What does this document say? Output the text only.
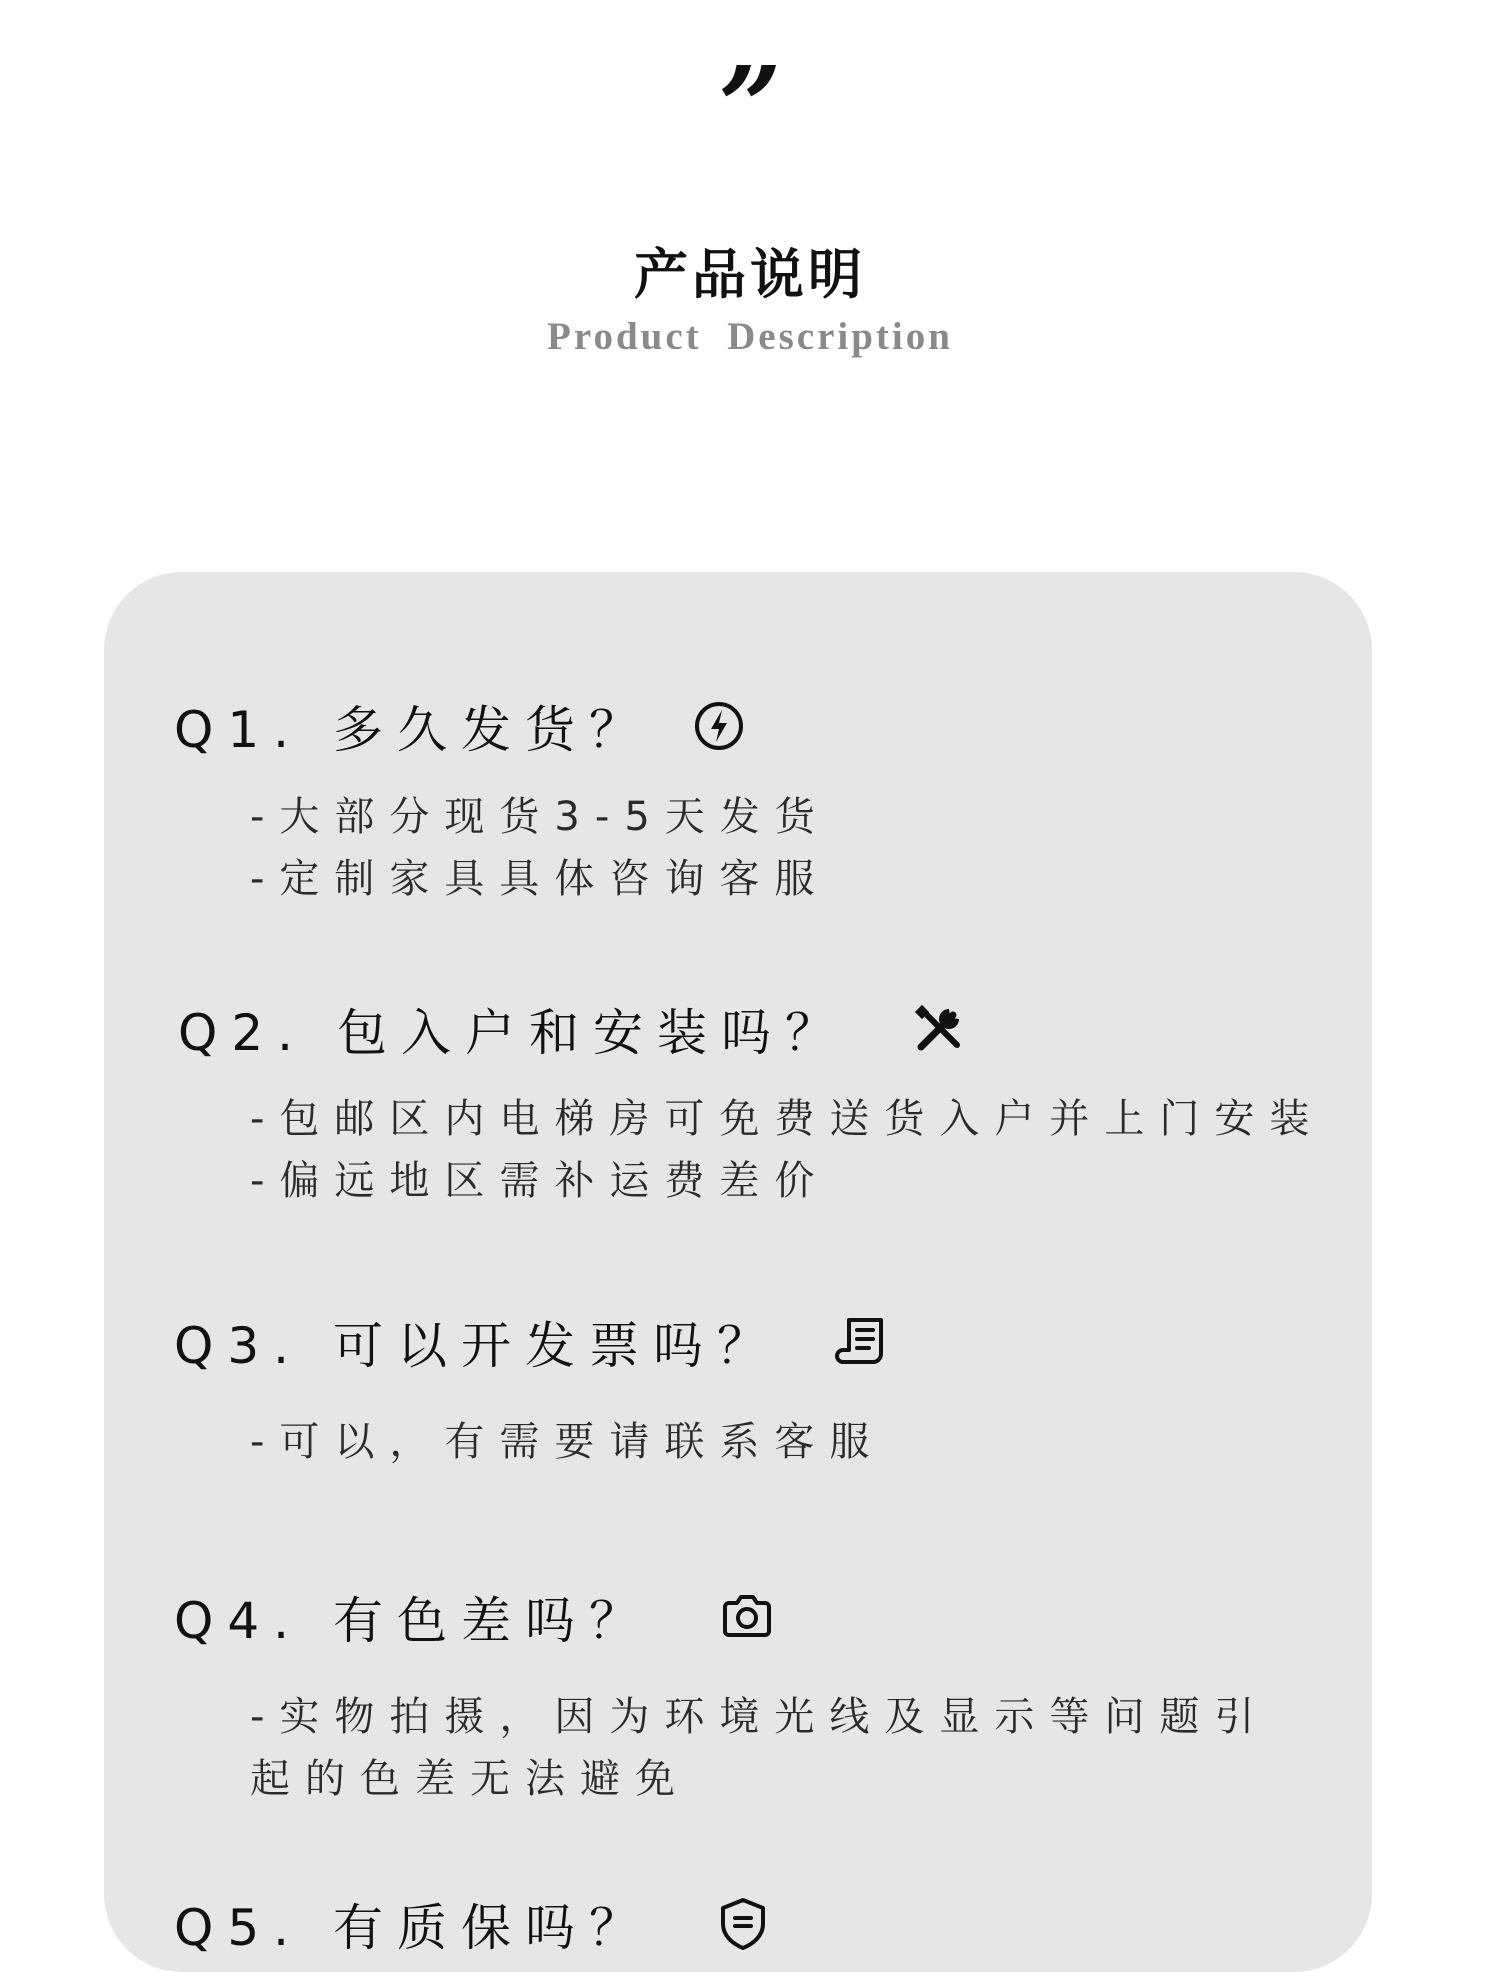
”
产品说明
Product  Description
Q1. 多久发货？
-大部分现货3-5天发货
-定制家具具体咨询客服
Q2. 包入户和安装吗？
-包邮区内电梯房可免费送货入户并上门安装
-偏远地区需补运费差价
Q3. 可以开发票吗？
-可以，有需要请联系客服
Q4. 有色差吗？
-实物拍摄，因为环境光线及显示等问题引
起的色差无法避免
Q5. 有质保吗？
